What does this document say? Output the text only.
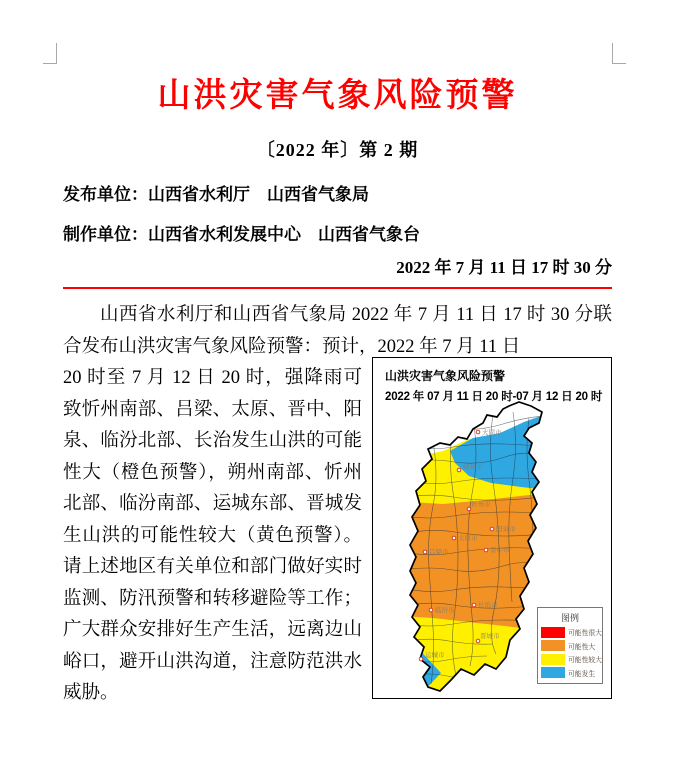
山洪灾害气象风险预警
〔2022 年〕第 2 期
发布单位：山西省水利厅　山西省气象局
制作单位：山西省水利发展中心　山西省气象台
2022 年 7 月 11 日 17 时 30 分

山西省水利厅和山西省气象局 2022 年 7 月 11 日 17 时 30 分联合发布山洪灾害气象风险预警：预计，2022 年 7 月 11 日

20 时至 7 月 12 日 20 时，强降雨可致忻州南部、吕梁、太原、晋中、阳泉、临汾北部、长治发生山洪的可能性大（橙色预警），朔州南部、忻州北部、临汾南部、运城东部、晋城发生山洪的可能性较大（黄色预警）。请上述地区有关单位和部门做好实时监测、防汛预警和转移避险等工作；广大群众安排好生产生活，远离边山峪口，避开山洪沟道，注意防范洪水威胁。

山洪灾害气象风险预警
2022 年 07 月 11 日 20 时-07 月 12 日 20 时
大同市
朔州市
忻州市
阳泉市
太原市
吕梁市	晋中市
长治市
临汾市
晋城市
运城市
图例
可能性很大
可能性大
可能性较大
可能发生
